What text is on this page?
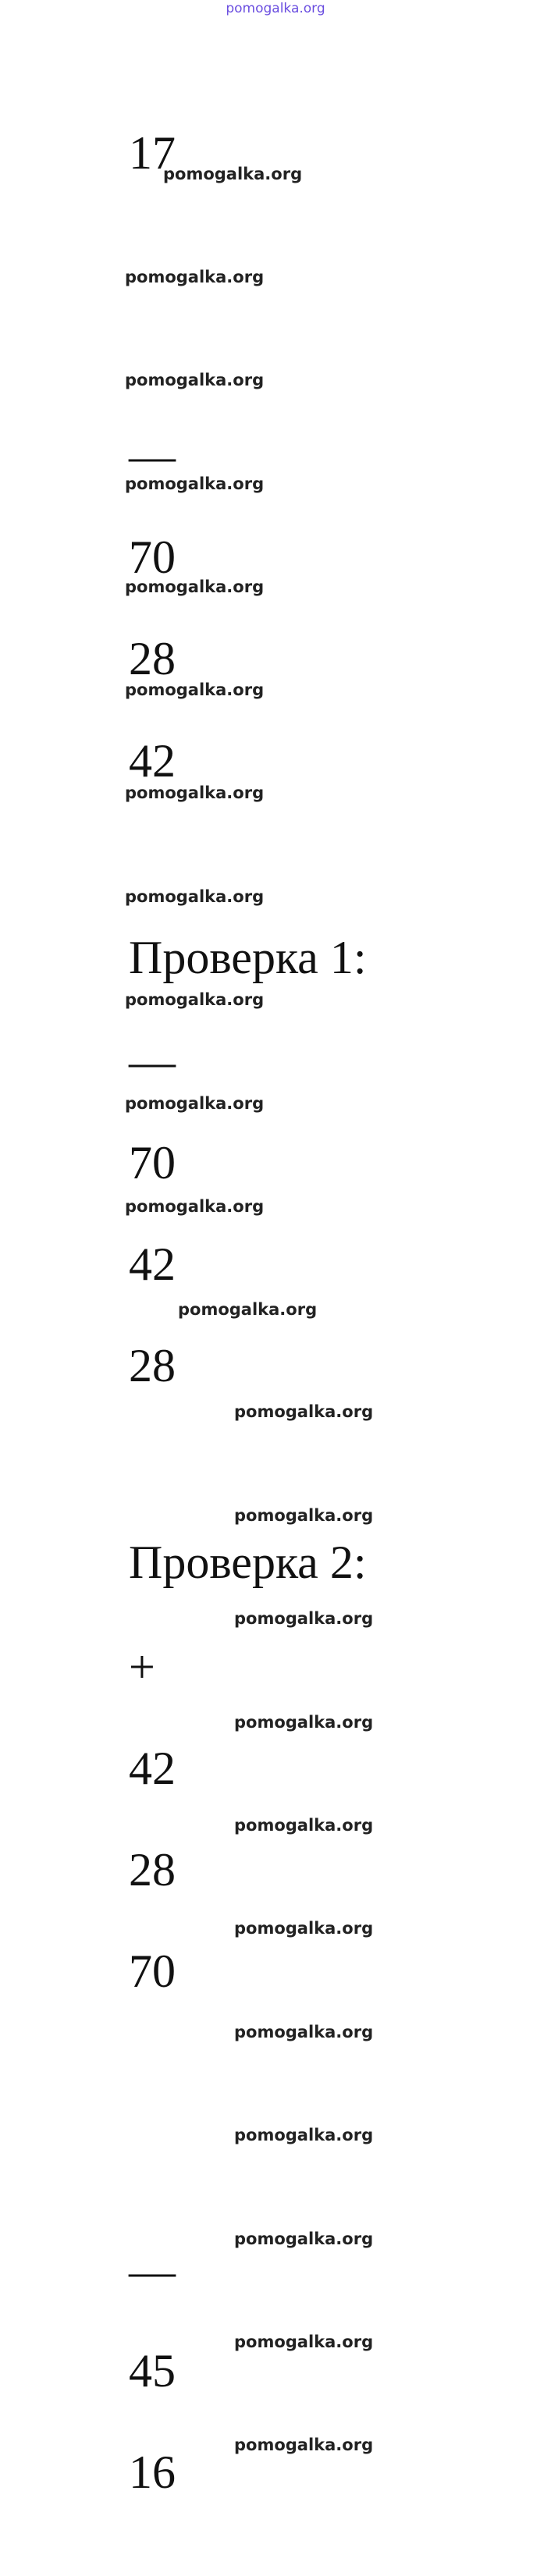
pomogalka.org
17
—
70
28
42
Проверка 1:
—
70
42
28
Проверка 2:
+
42
28
70
—
45
16
pomogalka.org
pomogalka.org
pomogalka.org
pomogalka.org
pomogalka.org
pomogalka.org
pomogalka.org
pomogalka.org
pomogalka.org
pomogalka.org
pomogalka.org
pomogalka.org
pomogalka.org
pomogalka.org
pomogalka.org
pomogalka.org
pomogalka.org
pomogalka.org
pomogalka.org
pomogalka.org
pomogalka.org
pomogalka.org
pomogalka.org
